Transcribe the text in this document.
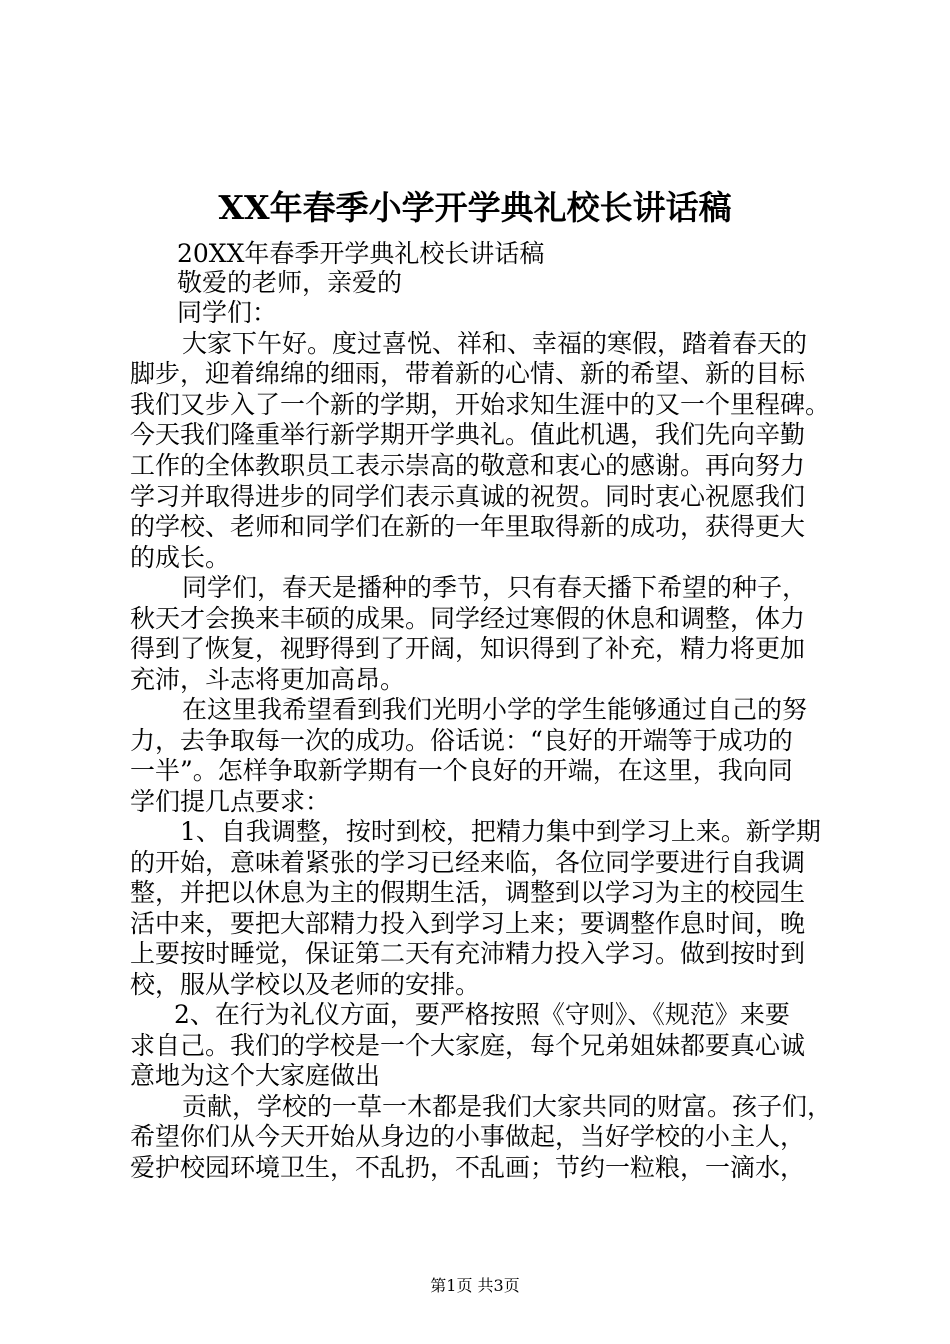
XX年春季小学开学典礼校长讲话稿
20XX年春季开学典礼校长讲话稿
敬爱的老师，亲爱的
同学们：
大家下午好。度过喜悦、祥和、幸福的寒假，踏着春天的
脚步，迎着绵绵的细雨，带着新的心情、新的希望、新的目标
我们又步入了一个新的学期，开始求知生涯中的又一个里程碑。
今天我们隆重举行新学期开学典礼。值此机遇，我们先向辛勤
工作的全体教职员工表示崇高的敬意和衷心的感谢。再向努力
学习并取得进步的同学们表示真诚的祝贺。同时衷心祝愿我们
的学校、老师和同学们在新的一年里取得新的成功，获得更大
的成长。
同学们，春天是播种的季节，只有春天播下希望的种子，
秋天才会换来丰硕的成果。同学经过寒假的休息和调整，体力
得到了恢复，视野得到了开阔，知识得到了补充，精力将更加
充沛，斗志将更加高昂。
在这里我希望看到我们光明小学的学生能够通过自己的努
力，去争取每一次的成功。俗话说：“良好的开端等于成功的
一半”。怎样争取新学期有一个良好的开端，在这里，我向同
学们提几点要求：
1、自我调整，按时到校，把精力集中到学习上来。新学期
的开始，意味着紧张的学习已经来临，各位同学要进行自我调
整，并把以休息为主的假期生活，调整到以学习为主的校园生
活中来，要把大部精力投入到学习上来；要调整作息时间，晚
上要按时睡觉，保证第二天有充沛精力投入学习。做到按时到
校，服从学校以及老师的安排。
2、在行为礼仪方面，要严格按照《守则》、《规范》来要
求自己。我们的学校是一个大家庭，每个兄弟姐妹都要真心诚
意地为这个大家庭做出
贡献，学校的一草一木都是我们大家共同的财富。孩子们，
希望你们从今天开始从身边的小事做起，当好学校的小主人，
爱护校园环境卫生，不乱扔，不乱画；节约一粒粮，一滴水，
第1页 共3页
